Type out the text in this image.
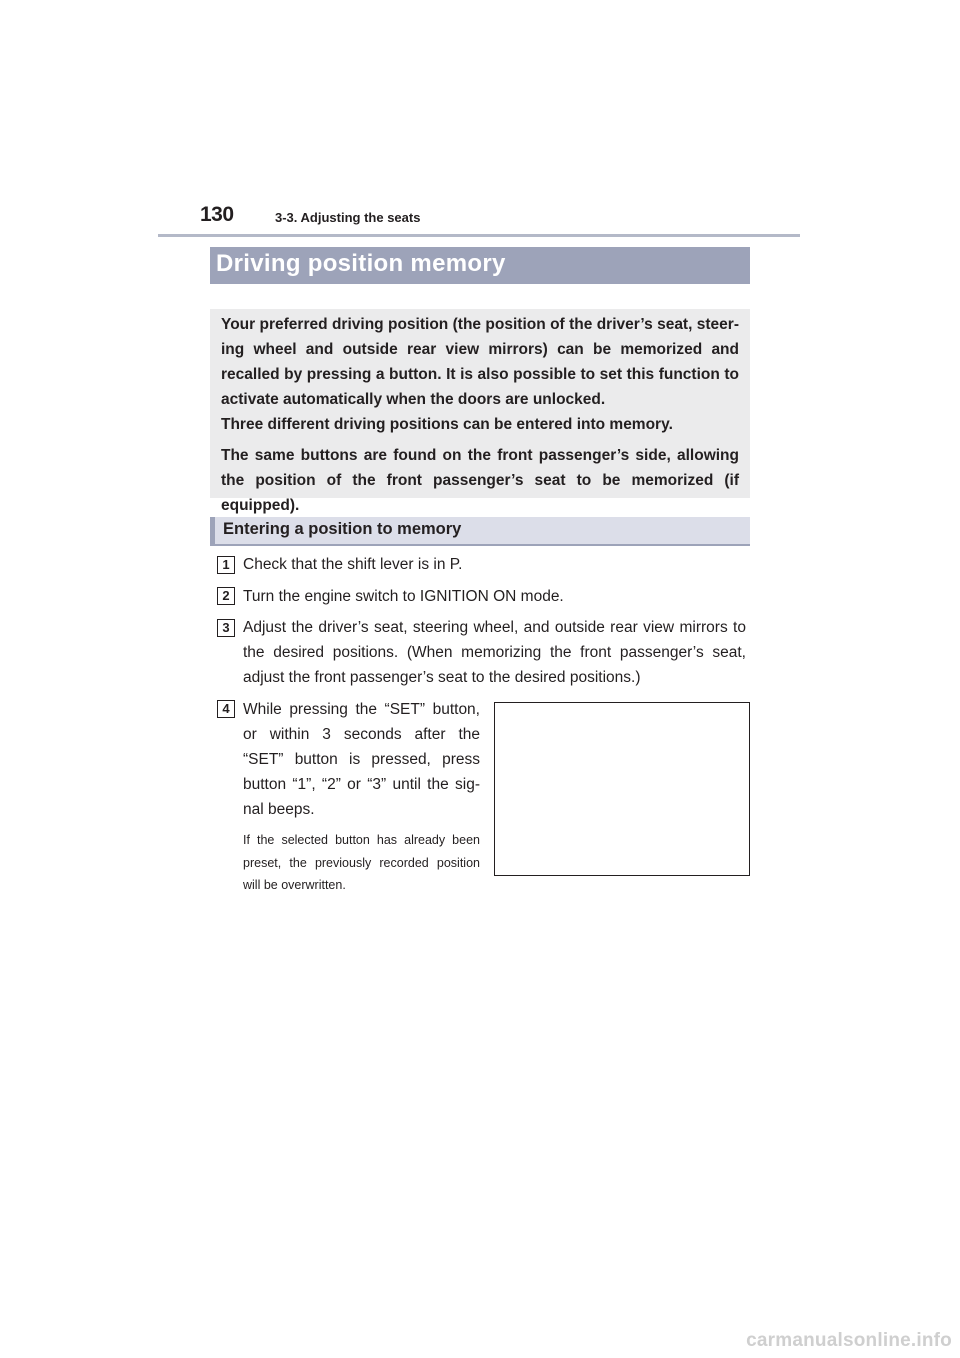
130	3-3. Adjusting the seats
Driving position memory

Your preferred driving position (the position of the driver’s seat, steer-ing wheel and outside rear view mirrors) can be memorized and recalled by pressing a button. It is also possible to set this function to activate automatically when the doors are unlocked.

Three different driving positions can be entered into memory.

The same buttons are found on the front passenger’s side, allowing the position of the front passenger’s seat to be memorized (if equipped).

Entering a position to memory
1 Check that the shift lever is in P.
2 Turn the engine switch to IGNITION ON mode.
3 Adjust the driver’s seat, steering wheel, and outside rear view mirrors to the desired positions. (When memorizing the front passenger’s seat, adjust the front passenger’s seat to the desired positions.)
4 While pressing the “SET” button, or within 3 seconds after the “SET” button is pressed, press button “1”, “2” or “3” until the sig-nal beeps.
If the selected button has already been preset, the previously recorded position will be overwritten.
carmanualsonline.info
